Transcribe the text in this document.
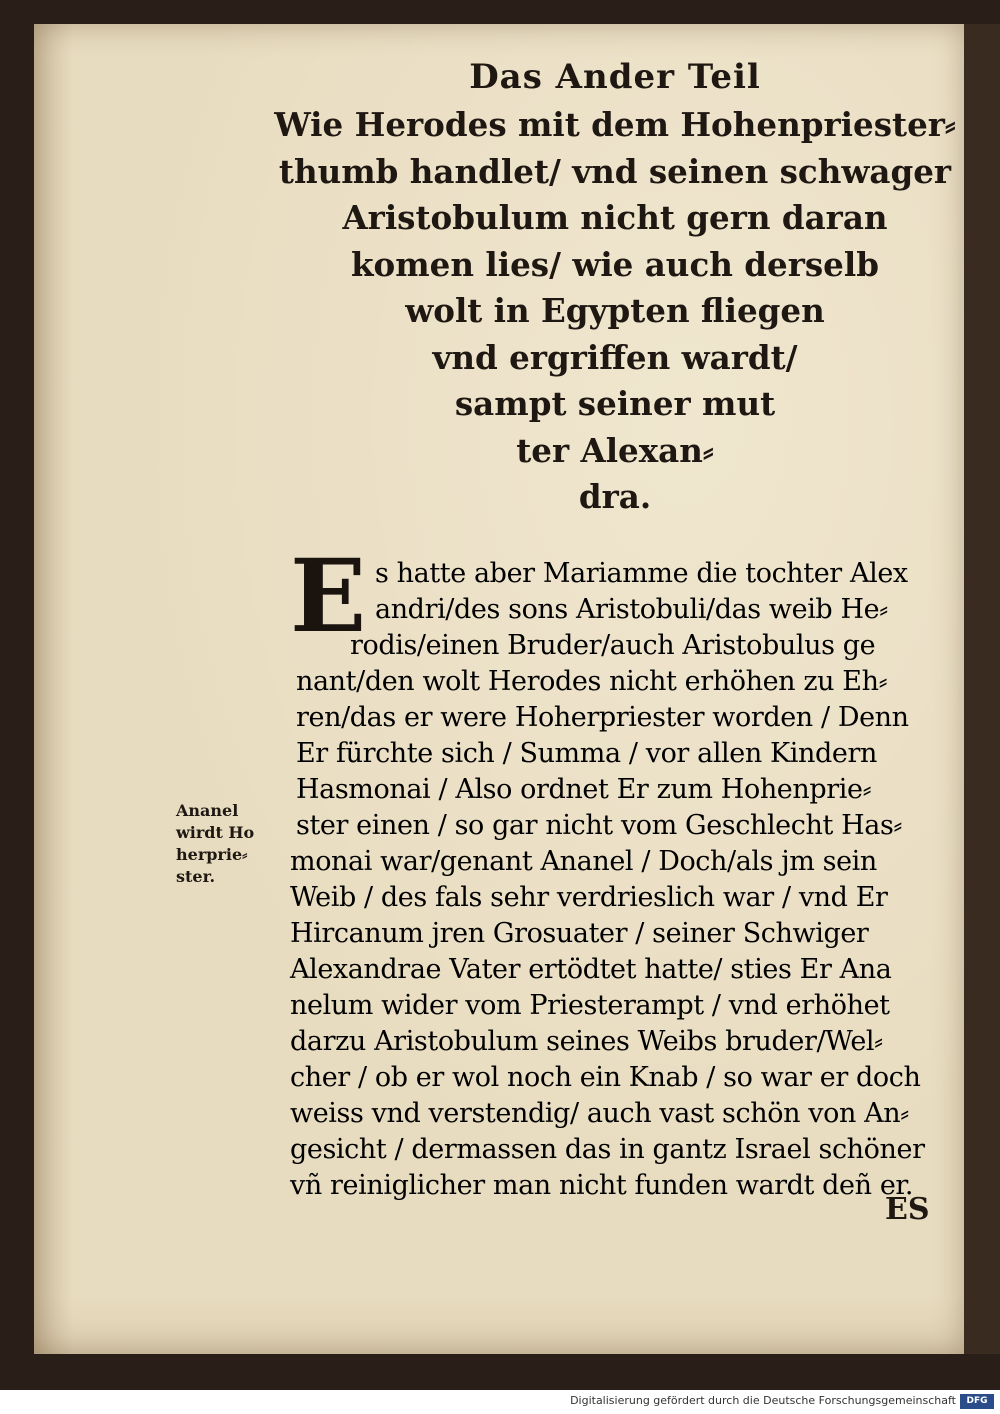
Das Ander Teil

Wie Herodes mit dem Hohenpriester⸗

thumb handlet/ vnd seinen schwager

Aristobulum nicht gern daran

komen lies/ wie auch derselb

wolt in Egypten fliegen

vnd ergriffen wardt/

sampt seiner mut

ter Alexan⸗

dra.

E s hatte aber Mariamme die tochter Alex
andri/des sons Aristobuli/das weib He⸗
rodis/einen Bruder/auch Aristobulus ge
nant/den wolt Herodes nicht erhöhen zu Eh⸗
ren/das er were Hoherpriester worden / Denn
Er fürchte sich / Summa / vor allen Kindern
Hasmonai / Also ordnet Er zum Hohenprie⸗
ster einen / so gar nicht vom Geschlecht Has⸗
monai war/genant Ananel / Doch/als jm sein
Weib / des fals sehr verdrieslich war / vnd Er
Hircanum jren Grosuater / seiner Schwiger
Alexandrae Vater ertödtet hatte/ sties Er Ana
nelum wider vom Priesterampt / vnd erhöhet
darzu Aristobulum seines Weibs bruder/Wel⸗
cher / ob er wol noch ein Knab / so war er doch
weiss vnd verstendig/ auch vast schön von An⸗
gesicht / dermassen das in gantz Israel schöner
vñ reiniglicher man nicht funden wardt deñ er.
Ananel
wirdt Ho
herprie⸗
ster.
ES
Digitalisierung gefördert durch die Deutsche Forschungsgemeinschaft	DFG
